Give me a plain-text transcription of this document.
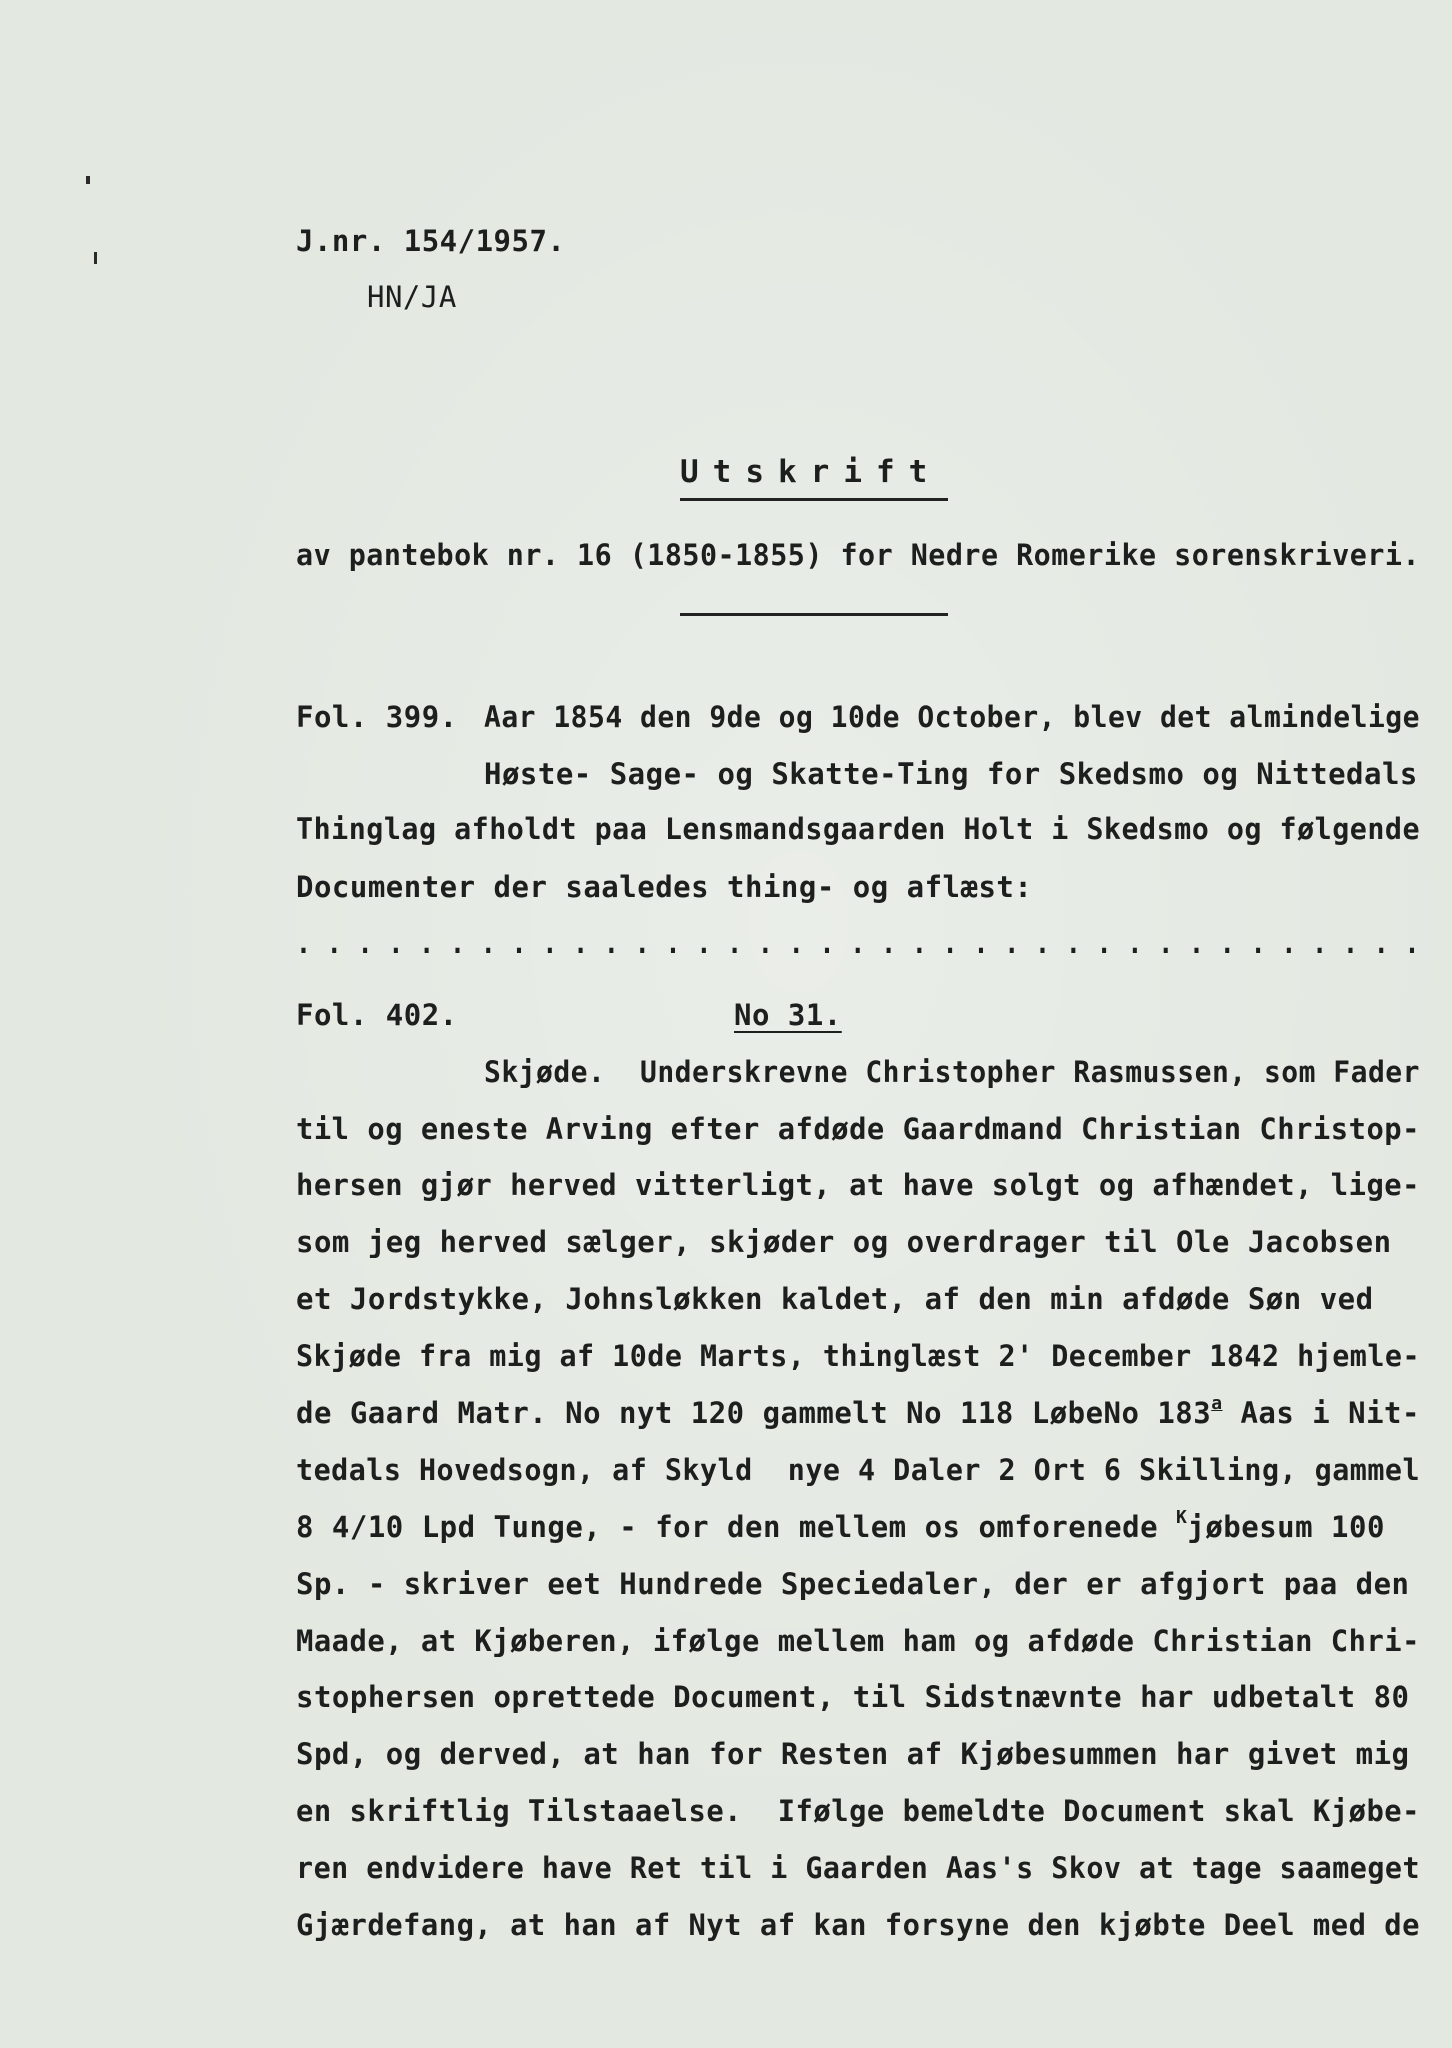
J.nr. 154/1957.
HN/JA
Utskrift
av pantebok nr. 16 (1850-1855) for Nedre Romerike sorenskriveri.
Fol. 399. Aar 1854 den 9de og 10de October, blev det almindelige
Høste- Sage- og Skatte-Ting for Skedsmo og Nittedals
Thinglag afholdt paa Lensmandsgaarden Holt i Skedsmo og følgende
Documenter der saaledes thing- og aflæst:
. . . . . . . . . . . . . . . . . . . . . . . . . . . . . . . . . . . . .
Fol. 402.	No 31.
Skjøde.  Underskrevne Christopher Rasmussen, som Fader
til og eneste Arving efter afdøde Gaardmand Christian Christop-
hersen gjør herved vitterligt, at have solgt og afhændet, lige-
som jeg herved sælger, skjøder og overdrager til Ole Jacobsen
et Jordstykke, Johnsløkken kaldet, af den min afdøde Søn ved
Skjøde fra mig af 10de Marts, thinglæst 2' December 1842 hjemle-
de Gaard Matr. No nyt 120 gammelt No 118 LøbeNo 183$^a$ Aas i Nit-
tedals Hovedsogn, af Skyld  nye 4 Daler 2 Ort 6 Skilling, gammel
8 4/10 Lpd Tunge, - for den mellem os omforenede $^K$jøbesum 100
Sp. - skriver eet Hundrede Speciedaler, der er afgjort paa den
Maade, at Kjøberen, ifølge mellem ham og afdøde Christian Chri-
stophersen oprettede Document, til Sidstnævnte har udbetalt 80
Spd, og derved, at han for Resten af Kjøbesummen har givet mig
en skriftlig Tilstaaelse.  Ifølge bemeldte Document skal Kjøbe-
ren endvidere have Ret til i Gaarden Aas's Skov at tage saameget
Gjærdefang, at han af Nyt af kan forsyne den kjøbte Deel med de
